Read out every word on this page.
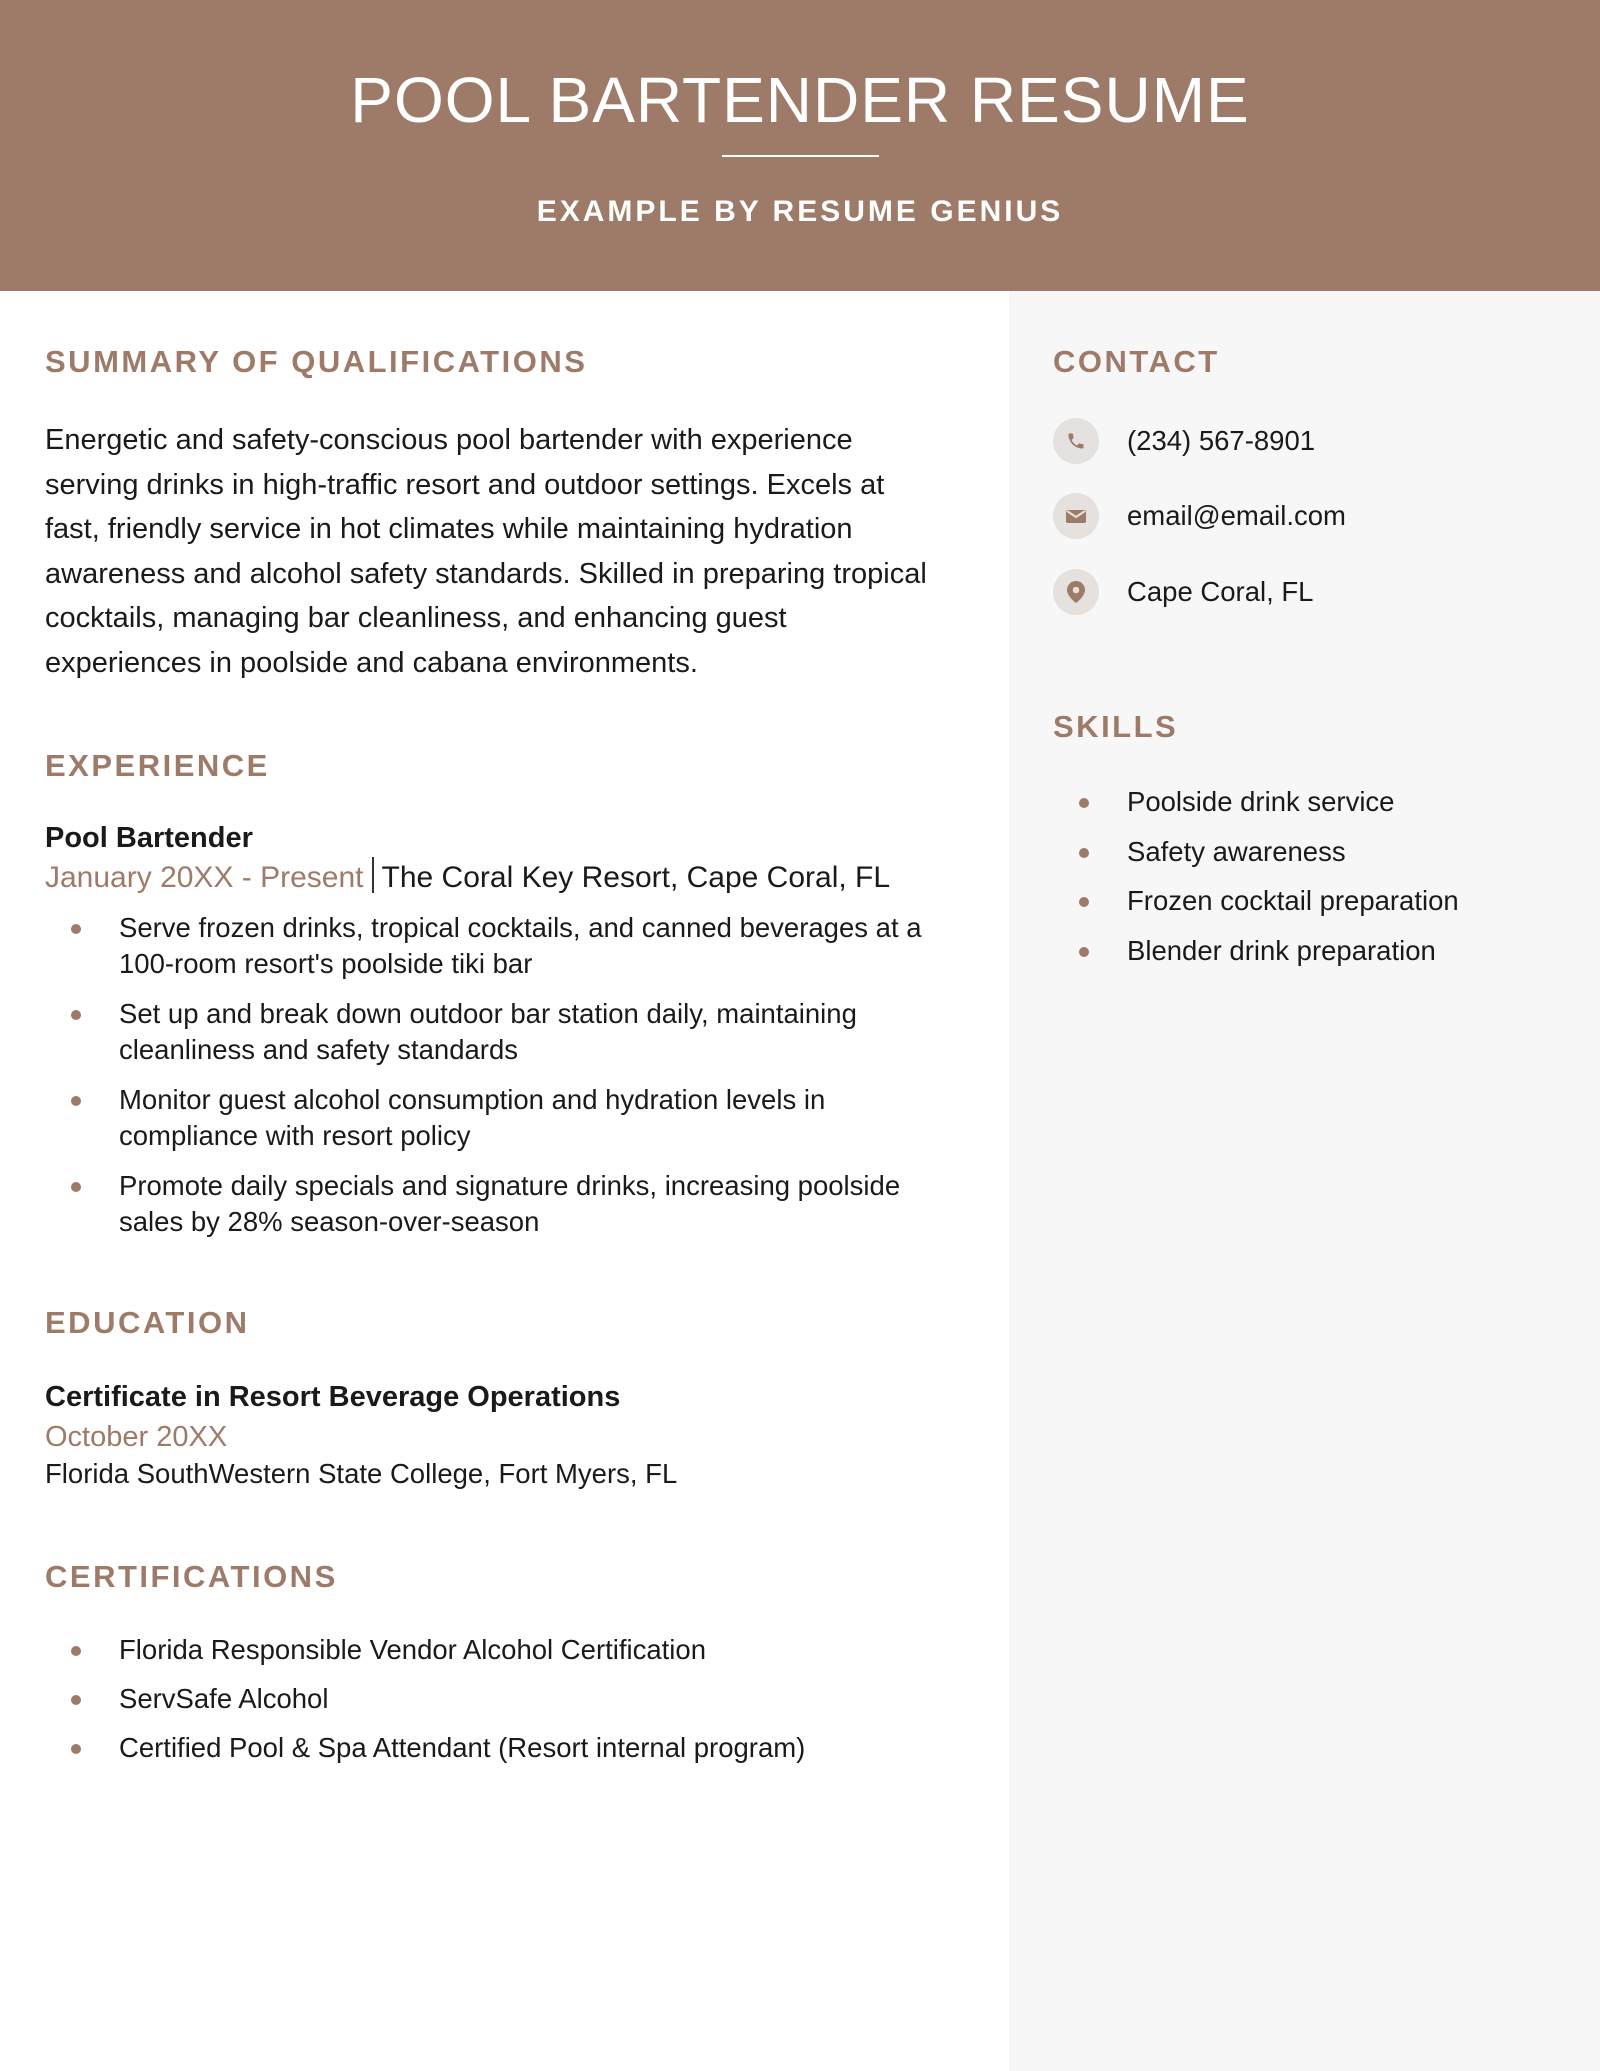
POOL BARTENDER RESUME
EXAMPLE BY RESUME GENIUS
SUMMARY OF QUALIFICATIONS

Energetic and safety-conscious pool bartender with experience serving drinks in high-traffic resort and outdoor settings. Excels at fast, friendly service in hot climates while maintaining hydration awareness and alcohol safety standards. Skilled in preparing tropical cocktails, managing bar cleanliness, and enhancing guest experiences in poolside and cabana environments.

EXPERIENCE
Pool Bartender
January 20XX - Present The Coral Key Resort, Cape Coral, FL
Serve frozen drinks, tropical cocktails, and canned beverages at a 100-room resort's poolside tiki bar
Set up and break down outdoor bar station daily, maintaining cleanliness and safety standards
Monitor guest alcohol consumption and hydration levels in compliance with resort policy
Promote daily specials and signature drinks, increasing poolside sales by 28% season-over-season
EDUCATION
Certificate in Resort Beverage Operations
October 20XX
Florida SouthWestern State College, Fort Myers, FL
CERTIFICATIONS
Florida Responsible Vendor Alcohol Certification
ServSafe Alcohol
Certified Pool & Spa Attendant (Resort internal program)
CONTACT
(234) 567-8901
email@email.com
Cape Coral, FL
SKILLS
Poolside drink service
Safety awareness
Frozen cocktail preparation
Blender drink preparation
